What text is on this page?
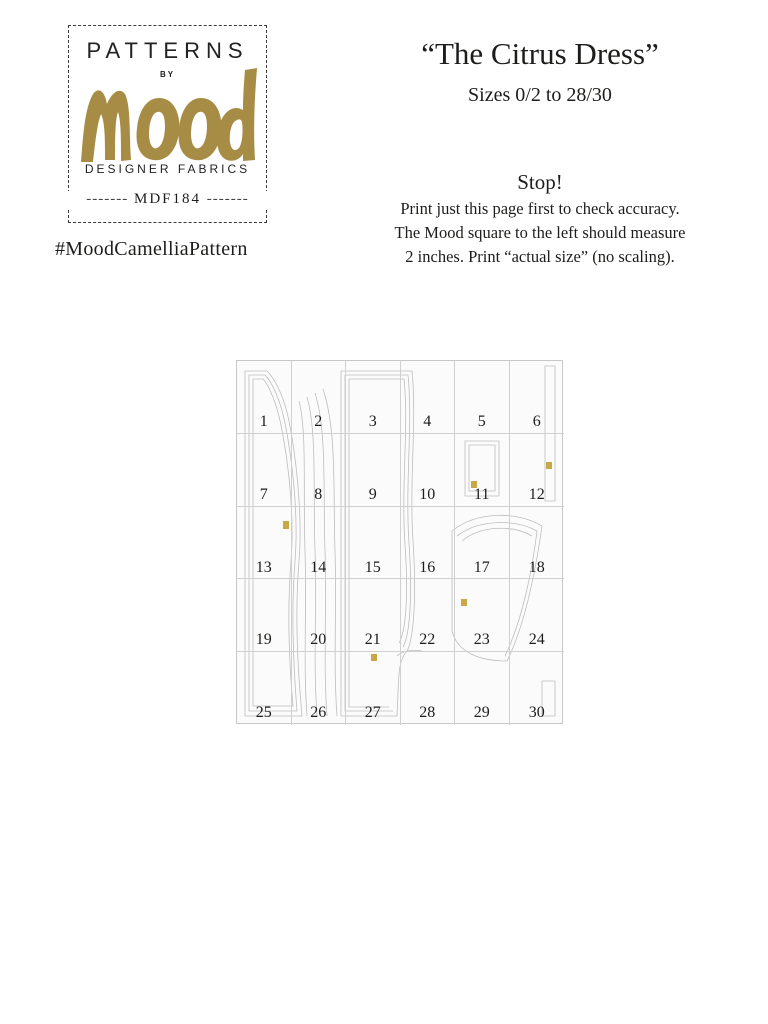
PATTERNS
BY
DESIGNER FABRICS
------- MDF184 -------
#MoodCamelliaPattern
“The Citrus Dress”
Sizes 0/2 to 28/30
Stop!
Print just this page first to check accuracy.
The Mood square to the left should measure
2 inches. Print “actual size” (no scaling).
1	2	3	4	5	6
7	8	9	10	11	12
13	14	15	16	17	18
19	20	21	22	23	24
25	26	27	28	29	30
